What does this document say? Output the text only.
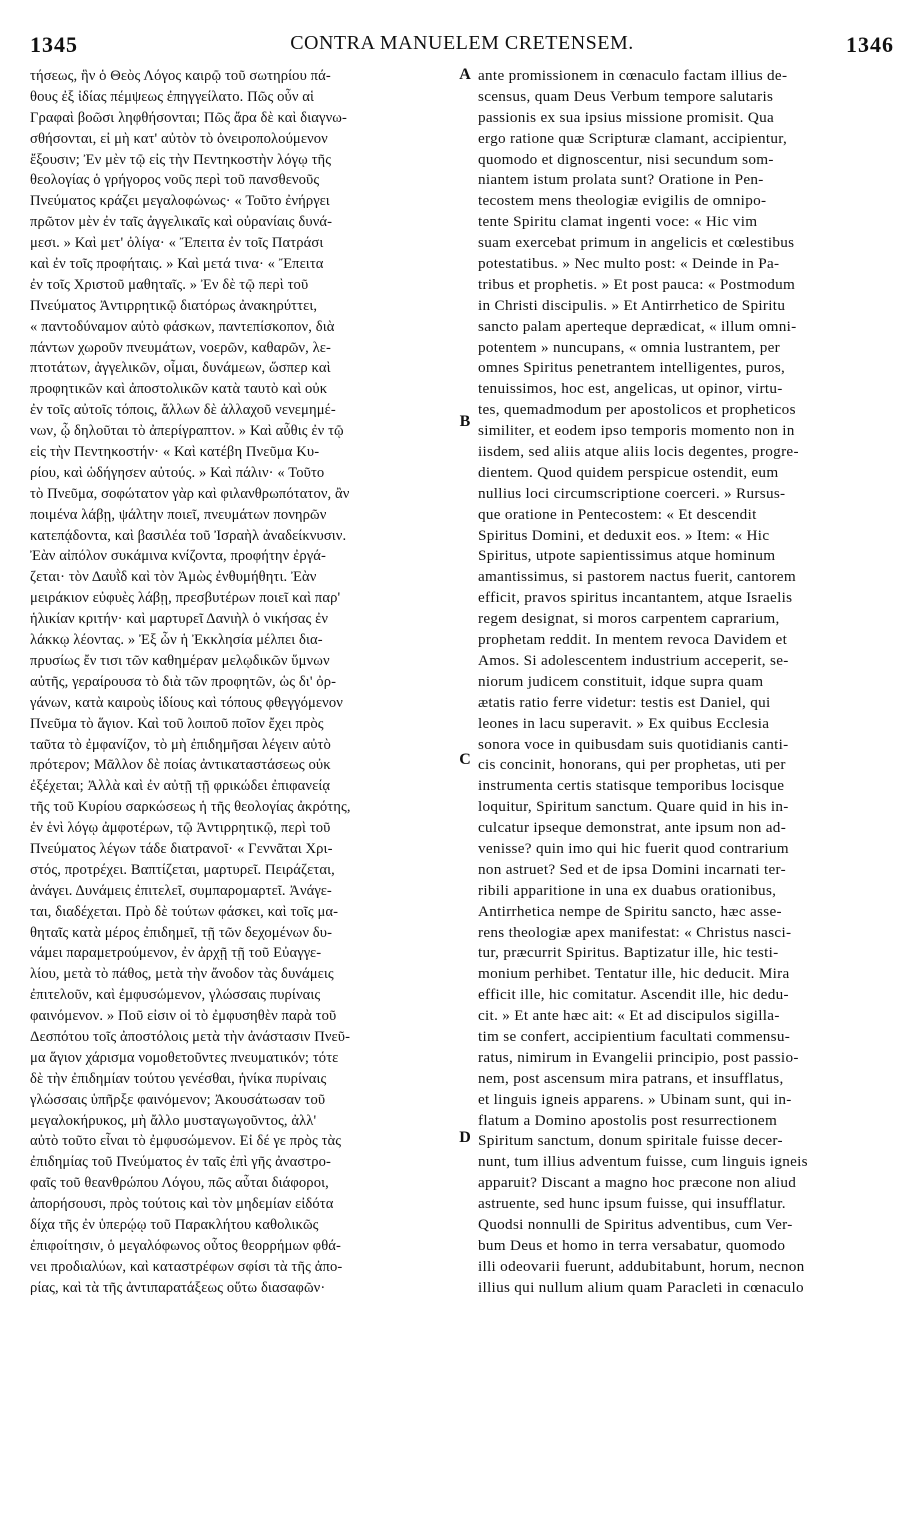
1345	CONTRA MANUELEM CRETENSEM.	1346
τήσεως, ἣν ὁ Θεὸς Λόγος καιρῷ τοῦ σωτηρίου πά-
θους ἐξ ἰδίας πέμψεως ἐπηγγείλατο. Πῶς οὖν αἱ
Γραφαὶ βοῶσι ληφθήσονται; Πῶς ἄρα δὲ καὶ διαγνω-
σθήσονται, εἰ μὴ κατ' αὐτὸν τὸ ὀνειροπολούμενον
ἔξουσιν; Ἐν μὲν τῷ εἰς τὴν Πεντηκοστὴν λόγῳ τῆς
θεολογίας ὁ γρήγορος νοῦς περὶ τοῦ πανσθενοῦς
Πνεύματος κράζει μεγαλοφώνως· « Τοῦτο ἐνήργει
πρῶτον μὲν ἐν ταῖς ἀγγελικαῖς καὶ οὐρανίαις δυνά-
μεσι. » Καὶ μετ' ὀλίγα· « Ἔπειτα ἐν τοῖς Πατράσι
καὶ ἐν τοῖς προφήταις. » Καὶ μετά τινα· « Ἔπειτα
ἐν τοῖς Χριστοῦ μαθηταῖς. » Ἐν δὲ τῷ περὶ τοῦ
Πνεύματος Ἀντιρρητικῷ διατόρως ἀνακηρύττει,
« παντοδύναμον αὐτὸ φάσκων, παντεπίσκοπον, διὰ
πάντων χωροῦν πνευμάτων, νοερῶν, καθαρῶν, λε-
πτοτάτων, ἀγγελικῶν, οἶμαι, δυνάμεων, ὥσπερ καὶ
προφητικῶν καὶ ἀποστολικῶν κατὰ ταυτὸ καὶ οὐκ
ἐν τοῖς αὐτοῖς τόποις, ἄλλων δὲ ἀλλαχοῦ νενεμημέ-
νων, ᾧ δηλοῦται τὸ ἀπερίγραπτον. » Καὶ αὖθις ἐν τῷ
εἰς τὴν Πεντηκοστήν· « Καὶ κατέβη Πνεῦμα Κυ-
ρίου, καὶ ὡδήγησεν αὐτούς. » Καὶ πάλιν· « Τοῦτο
τὸ Πνεῦμα, σοφώτατον γὰρ καὶ φιλανθρωπότατον, ἂν
ποιμένα λάβῃ, ψάλτην ποιεῖ, πνευμάτων πονηρῶν
κατεπᾴδοντα, καὶ βασιλέα τοῦ Ἰσραὴλ ἀναδείκνυσιν.
Ἐὰν αἰπόλον συκάμινα κνίζοντα, προφήτην ἐργά-
ζεται· τὸν Δαυῒδ καὶ τὸν Ἀμὼς ἐνθυμήθητι. Ἐὰν
μειράκιον εὐφυὲς λάβῃ, πρεσβυτέρων ποιεῖ καὶ παρ'
ἡλικίαν κριτήν· καὶ μαρτυρεῖ Δανιὴλ ὁ νικήσας ἐν
λάκκῳ λέοντας. » Ἐξ ὧν ἡ Ἐκκλησία μέλπει δια-
πρυσίως ἔν τισι τῶν καθημέραν μελῳδικῶν ὕμνων
αὐτῆς, γεραίρουσα τὸ διὰ τῶν προφητῶν, ὡς δι' ὀρ-
γάνων, κατὰ καιροὺς ἰδίους καὶ τόπους φθεγγόμενον
Πνεῦμα τὸ ἅγιον. Καὶ τοῦ λοιποῦ ποῖον ἔχει πρὸς
ταῦτα τὸ ἐμφανίζον, τὸ μὴ ἐπιδημῆσαι λέγειν αὐτὸ
πρότερον; Μᾶλλον δὲ ποίας ἀντικαταστάσεως οὐκ
ἐξέχεται; Ἀλλὰ καὶ ἐν αὐτῇ τῇ φρικώδει ἐπιφανείᾳ
τῆς τοῦ Κυρίου σαρκώσεως ἡ τῆς θεολογίας ἀκρότης,
ἐν ἑνὶ λόγῳ ἀμφοτέρων, τῷ Ἀντιρρητικῷ, περὶ τοῦ
Πνεύματος λέγων τάδε διατρανοῖ· « Γεννᾶται Χρι-
στός, προτρέχει. Βαπτίζεται, μαρτυρεῖ. Πειράζεται,
ἀνάγει. Δυνάμεις ἐπιτελεῖ, συμπαρομαρτεῖ. Ἀνάγε-
ται, διαδέχεται. Πρὸ δὲ τούτων φάσκει, καὶ τοῖς μα-
θηταῖς κατὰ μέρος ἐπιδημεῖ, τῇ τῶν δεχομένων δυ-
νάμει παραμετρούμενον, ἐν ἀρχῇ τῇ τοῦ Εὐαγγε-
λίου, μετὰ τὸ πάθος, μετὰ τὴν ἄνοδον τὰς δυνάμεις
ἐπιτελοῦν, καὶ ἐμφυσώμενον, γλώσσαις πυρίναις
φαινόμενον. » Ποῦ εἰσιν οἱ τὸ ἐμφυσηθὲν παρὰ τοῦ
Δεσπότου τοῖς ἀποστόλοις μετὰ τὴν ἀνάστασιν Πνεῦ-
μα ἅγιον χάρισμα νομοθετοῦντες πνευματικόν; τότε
δὲ τὴν ἐπιδημίαν τούτου γενέσθαι, ἡνίκα πυρίναις
γλώσσαις ὑπῆρξε φαινόμενον; Ἀκουσάτωσαν τοῦ
μεγαλοκήρυκος, μὴ ἄλλο μυσταγωγοῦντος, ἀλλ'
αὐτὸ τοῦτο εἶναι τὸ ἐμφυσώμενον. Εἰ δέ γε πρὸς τὰς
ἐπιδημίας τοῦ Πνεύματος ἐν ταῖς ἐπὶ γῆς ἀναστρο-
φαῖς τοῦ θεανθρώπου Λόγου, πῶς αὗται διάφοροι,
ἀπορήσουσι, πρὸς τούτοις καὶ τὸν μηδεμίαν εἰδότα
δίχα τῆς ἐν ὑπερῴῳ τοῦ Παρακλήτου καθολικῶς
ἐπιφοίτησιν, ὁ μεγαλόφωνος οὗτος θεορρήμων φθά-
νει προδιαλύων, καὶ καταστρέφων σφίσι τὰ τῆς ἀπο-
ρίας, καὶ τὰ τῆς ἀντιπαρατάξεως οὕτω διασαφῶν·
ante promissionem in cœnaculo factam illius de-
scensus, quam Deus Verbum tempore salutaris
passionis ex sua ipsius missione promisit. Qua
ergo ratione quæ Scripturæ clamant, accipientur,
quomodo et dignoscentur, nisi secundum som-
niantem istum prolata sunt? Oratione in Pen-
tecostem mens theologiæ evigilis de omnipo-
tente Spiritu clamat ingenti voce: « Hic vim
suam exercebat primum in angelicis et cœlestibus
potestatibus. » Nec multo post: « Deinde in Pa-
tribus et prophetis. » Et post pauca: « Postmodum
in Christi discipulis. » Et Antirrhetico de Spiritu
sancto palam aperteque deprædicat, « illum omni-
potentem » nuncupans, « omnia lustrantem, per
omnes Spiritus penetrantem intelligentes, puros,
tenuissimos, hoc est, angelicas, ut opinor, virtu-
tes, quemadmodum per apostolicos et propheticos
similiter, et eodem ipso temporis momento non in
iisdem, sed aliis atque aliis locis degentes, progre-
dientem. Quod quidem perspicue ostendit, eum
nullius loci circumscriptione coerceri. » Rursus-
que oratione in Pentecostem: « Et descendit
Spiritus Domini, et deduxit eos. » Item: « Hic
Spiritus, utpote sapientissimus atque hominum
amantissimus, si pastorem nactus fuerit, cantorem
efficit, pravos spiritus incantantem, atque Israelis
regem designat, si moros carpentem caprarium,
prophetam reddit. In mentem revoca Davidem et
Amos. Si adolescentem industrium acceperit, se-
niorum judicem constituit, idque supra quam
ætatis ratio ferre videtur: testis est Daniel, qui
leones in lacu superavit. » Ex quibus Ecclesia
sonora voce in quibusdam suis quotidianis canti-
cis concinit, honorans, qui per prophetas, uti per
instrumenta certis statisque temporibus locisque
loquitur, Spiritum sanctum. Quare quid in his in-
culcatur ipseque demonstrat, ante ipsum non ad-
venisse? quin imo qui hic fuerit quod contrarium
non astruet? Sed et de ipsa Domini incarnati ter-
ribili apparitione in una ex duabus orationibus,
Antirrhetica nempe de Spiritu sancto, hæc asse-
rens theologiæ apex manifestat: « Christus nasci-
tur, præcurrit Spiritus. Baptizatur ille, hic testi-
monium perhibet. Tentatur ille, hic deducit. Mira
efficit ille, hic comitatur. Ascendit ille, hic dedu-
cit. » Et ante hæc ait: « Et ad discipulos sigilla-
tim se confert, accipientium facultati commensu-
ratus, nimirum in Evangelii principio, post passio-
nem, post ascensum mira patrans, et insufflatus,
et linguis igneis apparens. » Ubinam sunt, qui in-
flatum a Domino apostolis post resurrectionem
Spiritum sanctum, donum spiritale fuisse decer-
nunt, tum illius adventum fuisse, cum linguis igneis
apparuit? Discant a magno hoc præcone non aliud
astruente, sed hunc ipsum fuisse, qui insufflatur.
Quodsi nonnulli de Spiritus adventibus, cum Ver-
bum Deus et homo in terra versabatur, quomodo
illi odeovarii fuerunt, addubitabunt, horum, necnon
illius qui nullum alium quam Paracleti in cœnaculo
A
B
C
D
